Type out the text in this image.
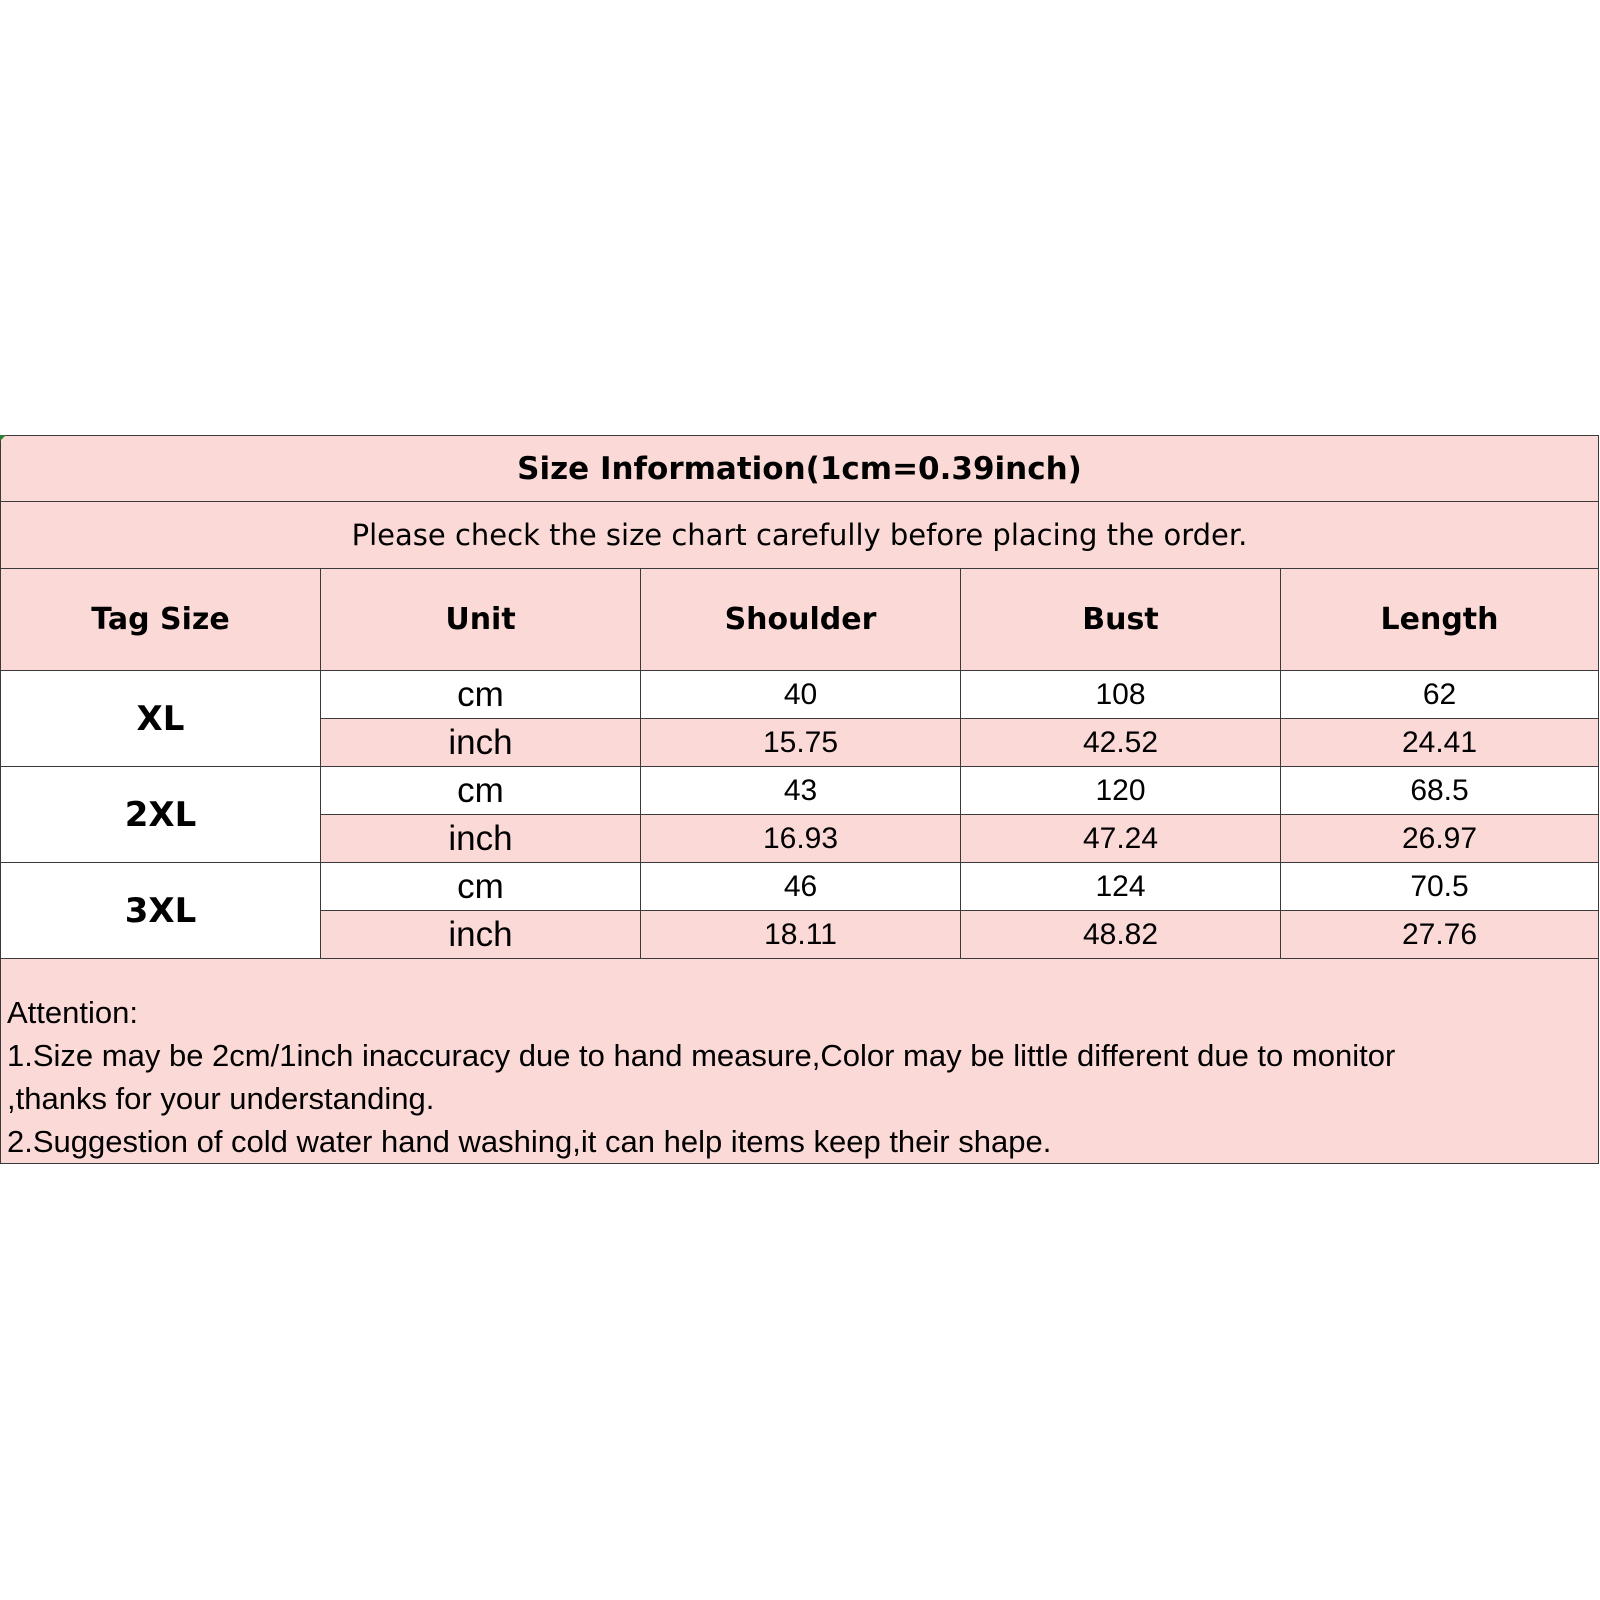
Size Information(1cm=0.39inch)				
Please check the size chart carefully before placing the order.				
Tag Size	Unit	Shoulder	Bust	Length
XL	cm	40	108	62
	inch	15.75	42.52	24.41
2XL	cm	43	120	68.5
	inch	16.93	47.24	26.97
3XL	cm	46	124	70.5
	inch	18.11	48.82	27.76

Attention:
1.Size may be 2cm/1inch inaccuracy due to hand measure,Color may be little different due to monitor
,thanks for your understanding.
2.Suggestion of cold water hand washing,it can help items keep their shape.				
